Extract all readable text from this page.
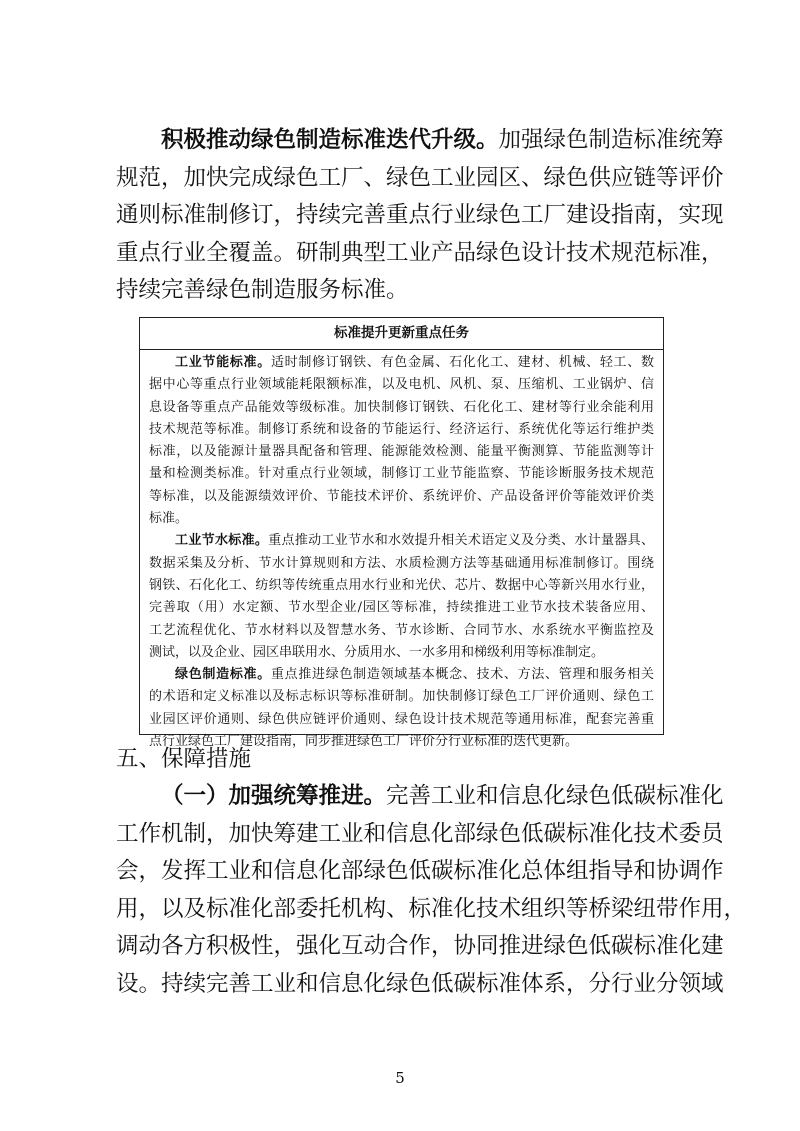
积极推动绿色制造标准迭代升级。加强绿色制造标准统筹
规范，加快完成绿色工厂、绿色工业园区、绿色供应链等评价
通则标准制修订，持续完善重点行业绿色工厂建设指南，实现
重点行业全覆盖。研制典型工业产品绿色设计技术规范标准，
持续完善绿色制造服务标准。
标准提升更新重点任务
工业节能标准。适时制修订钢铁、有色金属、石化化工、建材、机械、轻工、数
据中心等重点行业领域能耗限额标准，以及电机、风机、泵、压缩机、工业锅炉、信
息设备等重点产品能效等级标准。加快制修订钢铁、石化化工、建材等行业余能利用
技术规范等标准。制修订系统和设备的节能运行、经济运行、系统优化等运行维护类
标准，以及能源计量器具配备和管理、能源能效检测、能量平衡测算、节能监测等计
量和检测类标准。针对重点行业领域，制修订工业节能监察、节能诊断服务技术规范
等标准，以及能源绩效评价、节能技术评价、系统评价、产品设备评价等能效评价类
标准。
工业节水标准。重点推动工业节水和水效提升相关术语定义及分类、水计量器具、
数据采集及分析、节水计算规则和方法、水质检测方法等基础通用标准制修订。围绕
钢铁、石化化工、纺织等传统重点用水行业和光伏、芯片、数据中心等新兴用水行业，
完善取（用）水定额、节水型企业/园区等标准，持续推进工业节水技术装备应用、
工艺流程优化、节水材料以及智慧水务、节水诊断、合同节水、水系统水平衡监控及
测试，以及企业、园区串联用水、分质用水、一水多用和梯级利用等标准制定。
绿色制造标准。重点推进绿色制造领域基本概念、技术、方法、管理和服务相关
的术语和定义标准以及标志标识等标准研制。加快制修订绿色工厂评价通则、绿色工
业园区评价通则、绿色供应链评价通则、绿色设计技术规范等通用标准，配套完善重
点行业绿色工厂建设指南，同步推进绿色工厂评价分行业标准的迭代更新。
五、保障措施
（一）加强统筹推进。完善工业和信息化绿色低碳标准化
工作机制，加快筹建工业和信息化部绿色低碳标准化技术委员
会，发挥工业和信息化部绿色低碳标准化总体组指导和协调作
用，以及标准化部委托机构、标准化技术组织等桥梁纽带作用，
调动各方积极性，强化互动合作，协同推进绿色低碳标准化建
设。持续完善工业和信息化绿色低碳标准体系，分行业分领域
5
